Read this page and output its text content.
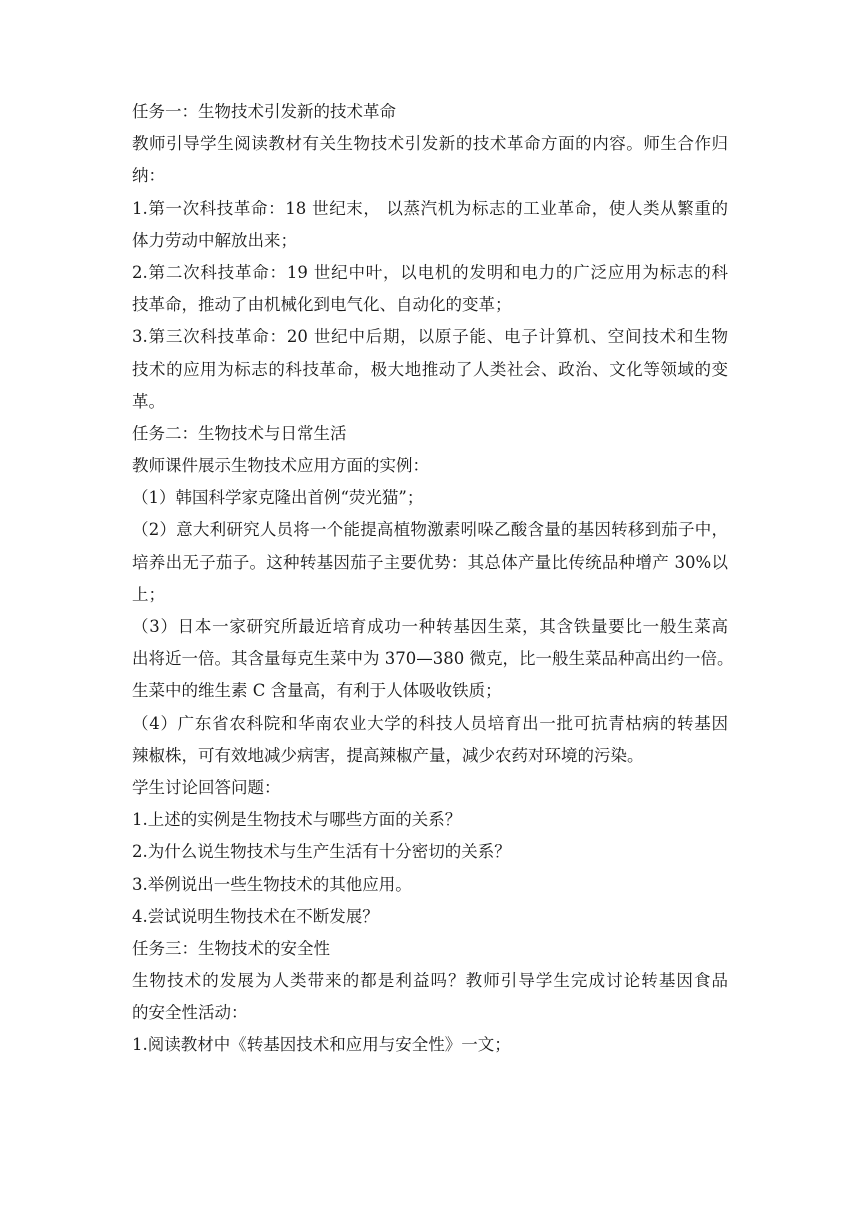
任务一：生物技术引发新的技术革命

教师引导学生阅读教材有关生物技术引发新的技术革命方面的内容。师生合作归

纳：

1.第一次科技革命：18 世纪末， 以蒸汽机为标志的工业革命，使人类从繁重的

体力劳动中解放出来；

2.第二次科技革命：19 世纪中叶，以电机的发明和电力的广泛应用为标志的科

技革命，推动了由机械化到电气化、自动化的变革；

3.第三次科技革命：20 世纪中后期，以原子能、电子计算机、空间技术和生物

技术的应用为标志的科技革命，极大地推动了人类社会、政治、文化等领域的变

革。

任务二：生物技术与日常生活

教师课件展示生物技术应用方面的实例：

（1）韩国科学家克隆出首例“荧光猫”；

（2）意大利研究人员将一个能提高植物激素吲哚乙酸含量的基因转移到茄子中，

培养出无子茄子。这种转基因茄子主要优势：其总体产量比传统品种增产 30%以

上；

（3）日本一家研究所最近培育成功一种转基因生菜，其含铁量要比一般生菜高

出将近一倍。其含量每克生菜中为 370—380 微克，比一般生菜品种高出约一倍。

生菜中的维生素 C 含量高，有利于人体吸收铁质；

（4）广东省农科院和华南农业大学的科技人员培育出一批可抗青枯病的转基因

辣椒株，可有效地减少病害，提高辣椒产量，减少农药对环境的污染。

学生讨论回答问题：

1.上述的实例是生物技术与哪些方面的关系？

2.为什么说生物技术与生产生活有十分密切的关系？

3.举例说出一些生物技术的其他应用。

4.尝试说明生物技术在不断发展？

任务三：生物技术的安全性

生物技术的发展为人类带来的都是利益吗？教师引导学生完成讨论转基因食品

的安全性活动：

1.阅读教材中《转基因技术和应用与安全性》一文；
